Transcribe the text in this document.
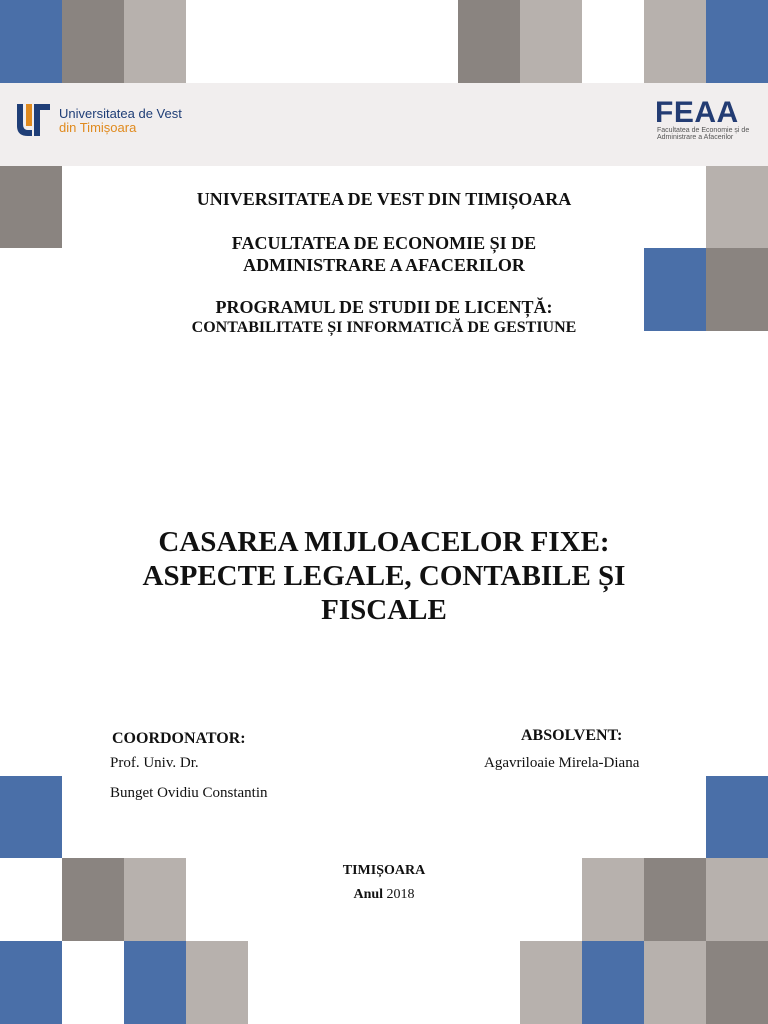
Universitatea de Vest
din Timișoara	FEAA
Facultatea de Economie și de Administrare a Afacerilor
UNIVERSITATEA DE VEST DIN TIMIȘOARA
FACULTATEA DE ECONOMIE ȘI DE
ADMINISTRARE A AFACERILOR
PROGRAMUL DE STUDII DE LICENȚĂ:
CONTABILITATE ȘI INFORMATICĂ DE GESTIUNE
CASAREA MIJLOACELOR FIXE:
ASPECTE LEGALE, CONTABILE ȘI
FISCALE
COORDONATOR:
Prof. Univ. Dr.
Bunget Ovidiu Constantin
ABSOLVENT:
Agavriloaie Mirela-Diana
TIMIȘOARA
Anul 2018
